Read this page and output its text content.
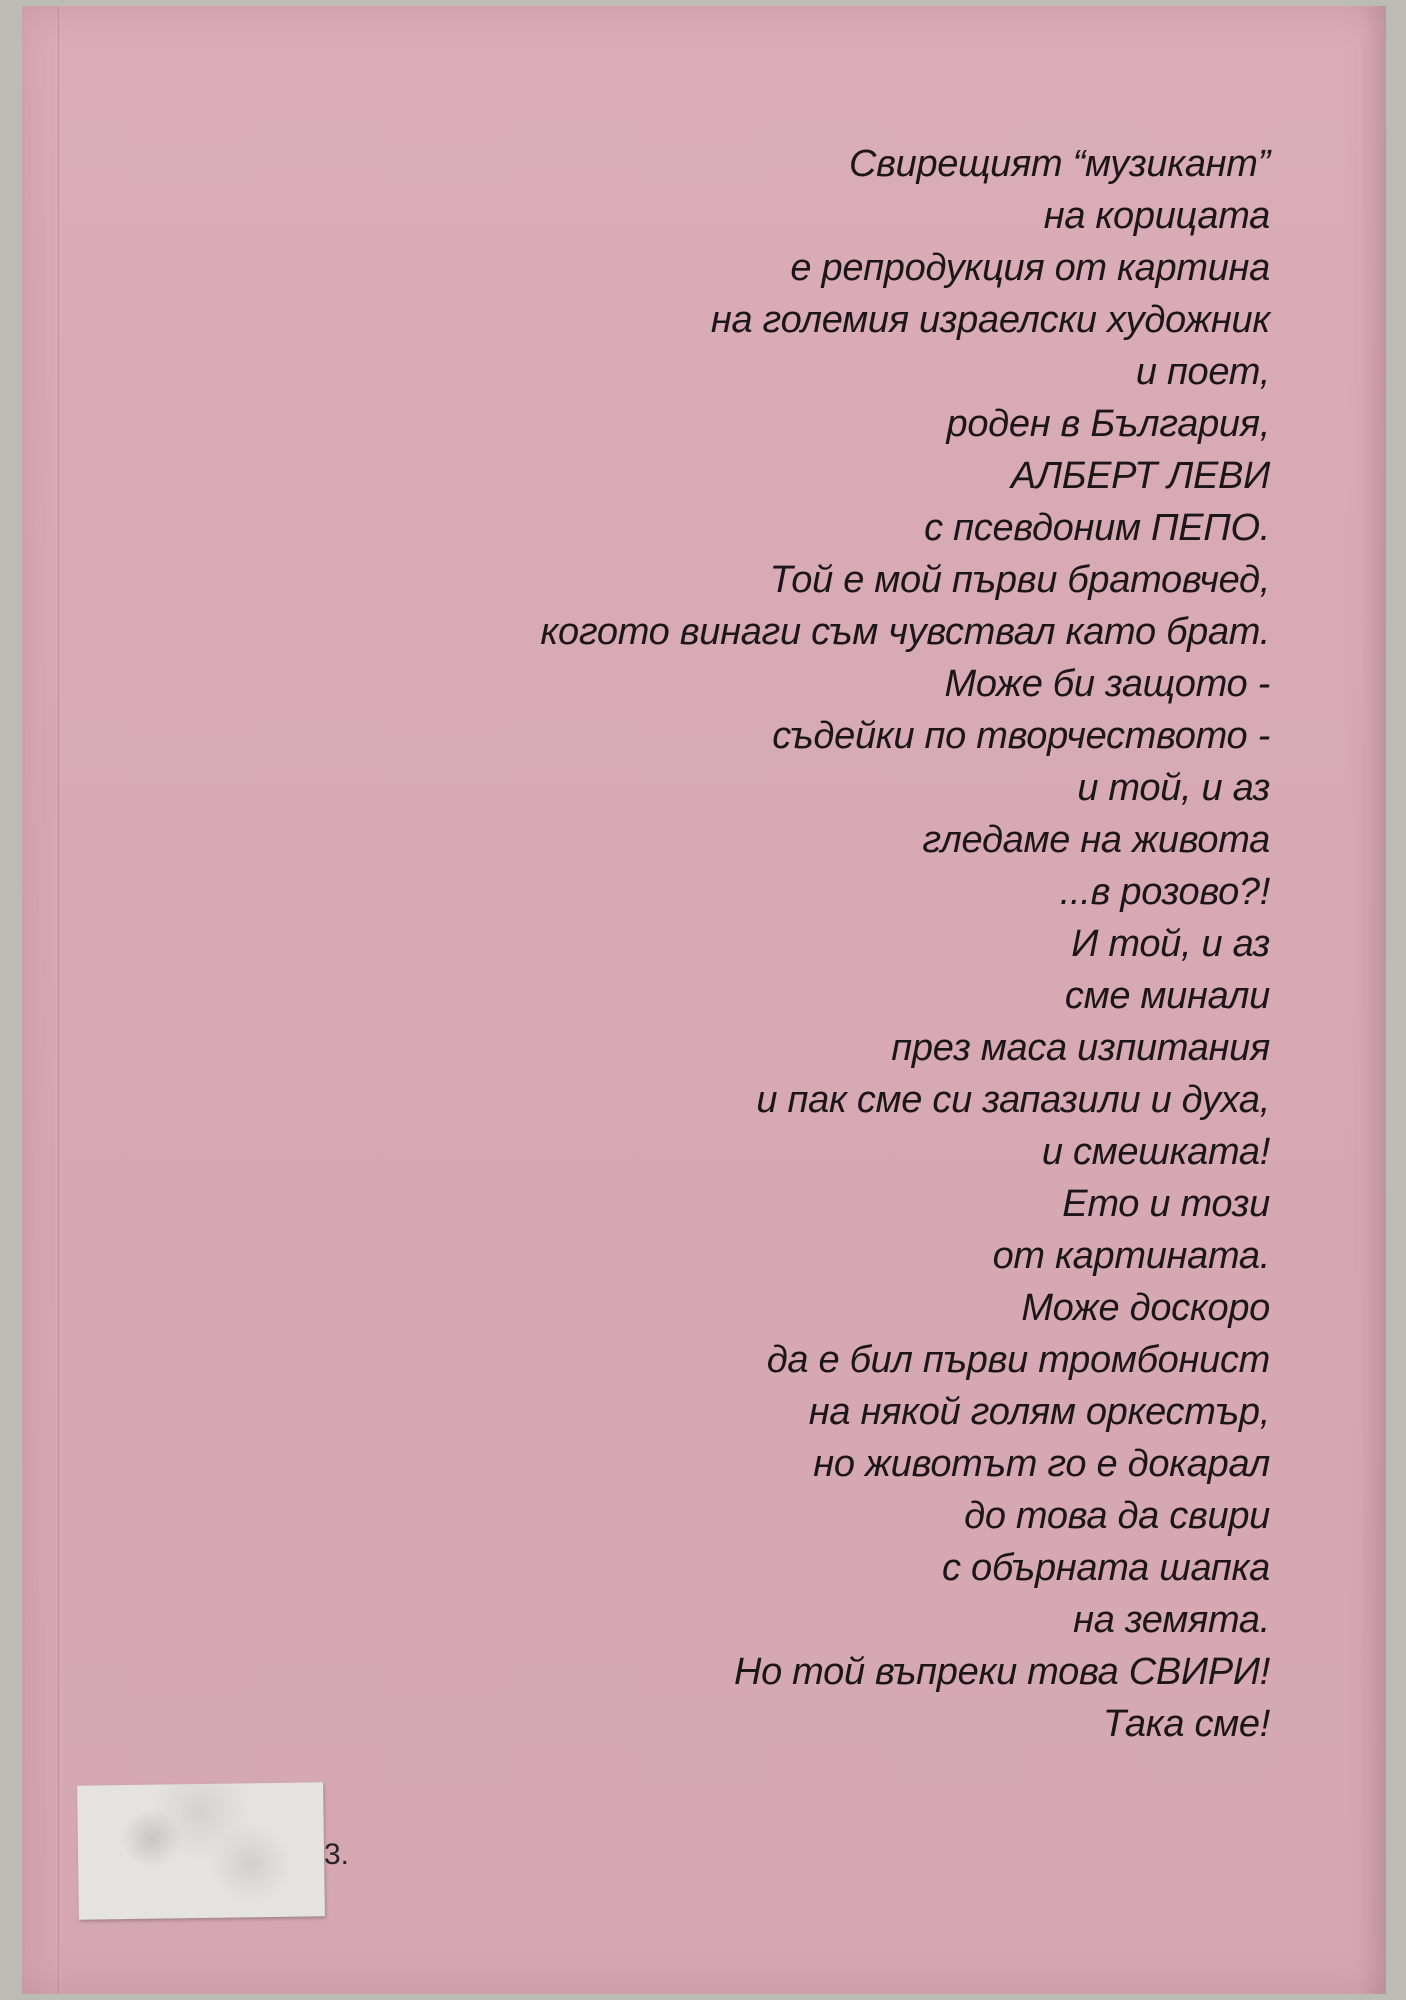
Свирещият “музикант”
на корицата
е репродукция от картина
на големия израелски художник
и поет,
роден в България,
АЛБЕРТ ЛЕВИ
с псевдоним ПЕПО.
Той е мой първи братовчед,
когото винаги съм чувствал като брат.
Може би защото -
съдейки по творчеството -
и той, и аз
гледаме на живота
...в розово?!
И той, и аз
сме минали
през маса изпитания
и пак сме си запазили и духа,
и смешката!
Ето и този
от картината.
Може доскоро
да е бил първи тромбонист
на някой голям оркестър,
но животът го е докарал
до това да свири
с обърната шапка
на земята.
Но той въпреки това СВИРИ!
Така сме!
3.
